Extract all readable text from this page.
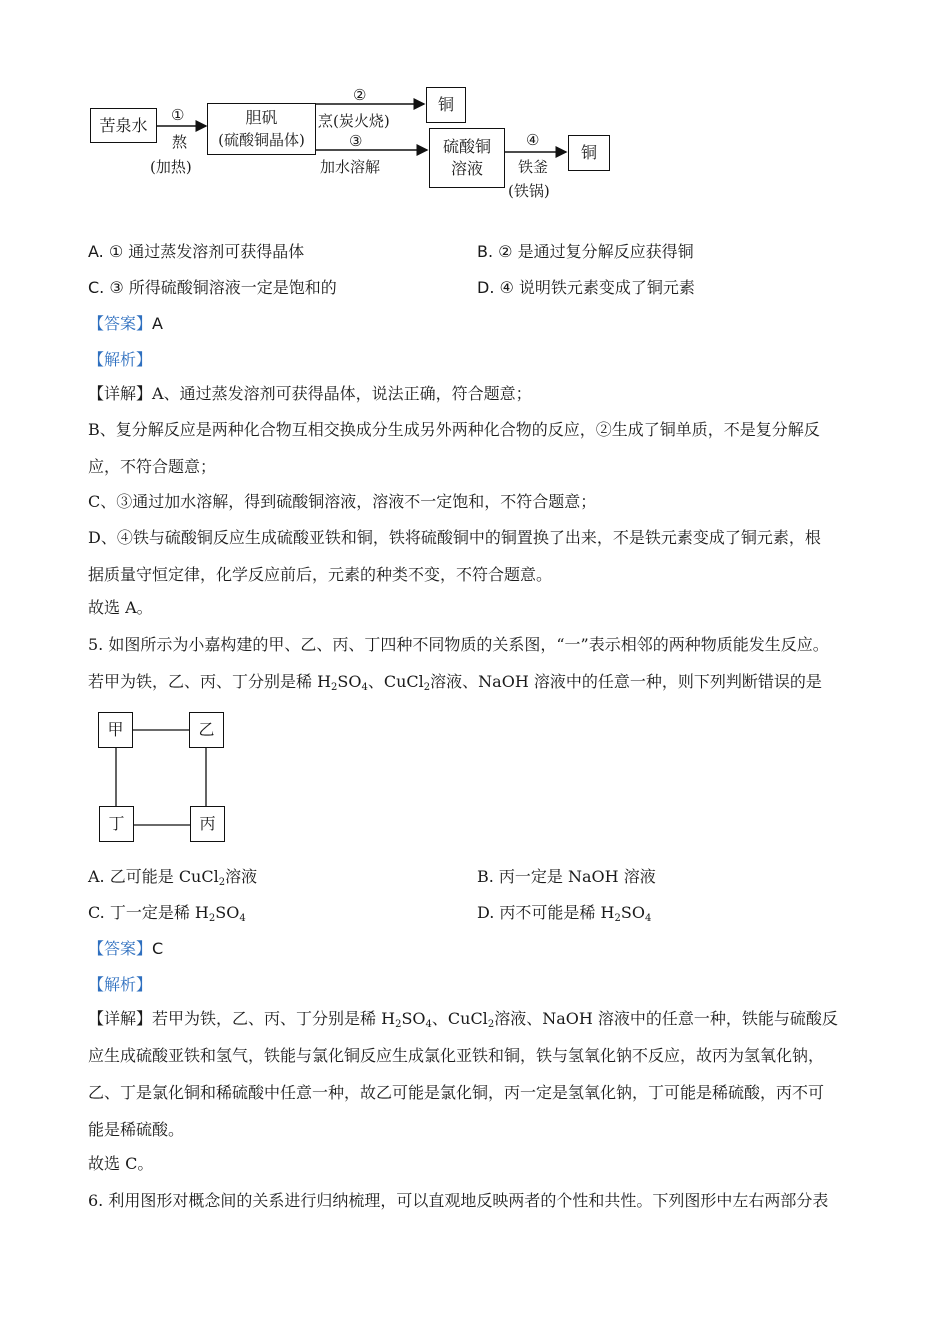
苦泉水	胆矾
(硫酸铜晶体)
铜
硫酸铜
溶液
铜
①
熬
(加热)
②
烹(炭火烧)
③
加水溶解
④
铁釜
(铁锅)
A. ① 通过蒸发溶剂可获得晶体	B. ② 是通过复分解反应获得铜
C. ③ 所得硫酸铜溶液一定是饱和的	D. ④ 说明铁元素变成了铜元素
【答案】A
【解析】
【详解】A、通过蒸发溶剂可获得晶体，说法正确，符合题意；
B、复分解反应是两种化合物互相交换成分生成另外两种化合物的反应，②生成了铜单质，不是复分解反
应，不符合题意；
C、③通过加水溶解，得到硫酸铜溶液，溶液不一定饱和，不符合题意；
D、④铁与硫酸铜反应生成硫酸亚铁和铜，铁将硫酸铜中的铜置换了出来，不是铁元素变成了铜元素，根
据质量守恒定律，化学反应前后，元素的种类不变，不符合题意。
故选 A。
5. 如图所示为小嘉构建的甲、乙、丙、丁四种不同物质的关系图，“一”表示相邻的两种物质能发生反应。
若甲为铁，乙、丙、丁分别是稀 $H_2SO_4$、CuCl$_2$溶液、NaOH 溶液中的任意一种，则下列判断错误的是
甲	乙
丁	丙
A. 乙可能是 CuCl$_2$溶液	B. 丙一定是 NaOH 溶液
C. 丁一定是稀 $H_2SO_4$	D. 丙不可能是稀 $H_2SO_4$
【答案】C
【解析】
【详解】若甲为铁，乙、丙、丁分别是稀 $H_2SO_4$、CuCl$_2$溶液、NaOH 溶液中的任意一种，铁能与硫酸反
应生成硫酸亚铁和氢气，铁能与氯化铜反应生成氯化亚铁和铜，铁与氢氧化钠不反应，故丙为氢氧化钠，
乙、丁是氯化铜和稀硫酸中任意一种，故乙可能是氯化铜，丙一定是氢氧化钠，丁可能是稀硫酸，丙不可
能是稀硫酸。
故选 C。
6. 利用图形对概念间的关系进行归纳梳理，可以直观地反映两者的个性和共性。下列图形中左右两部分表
